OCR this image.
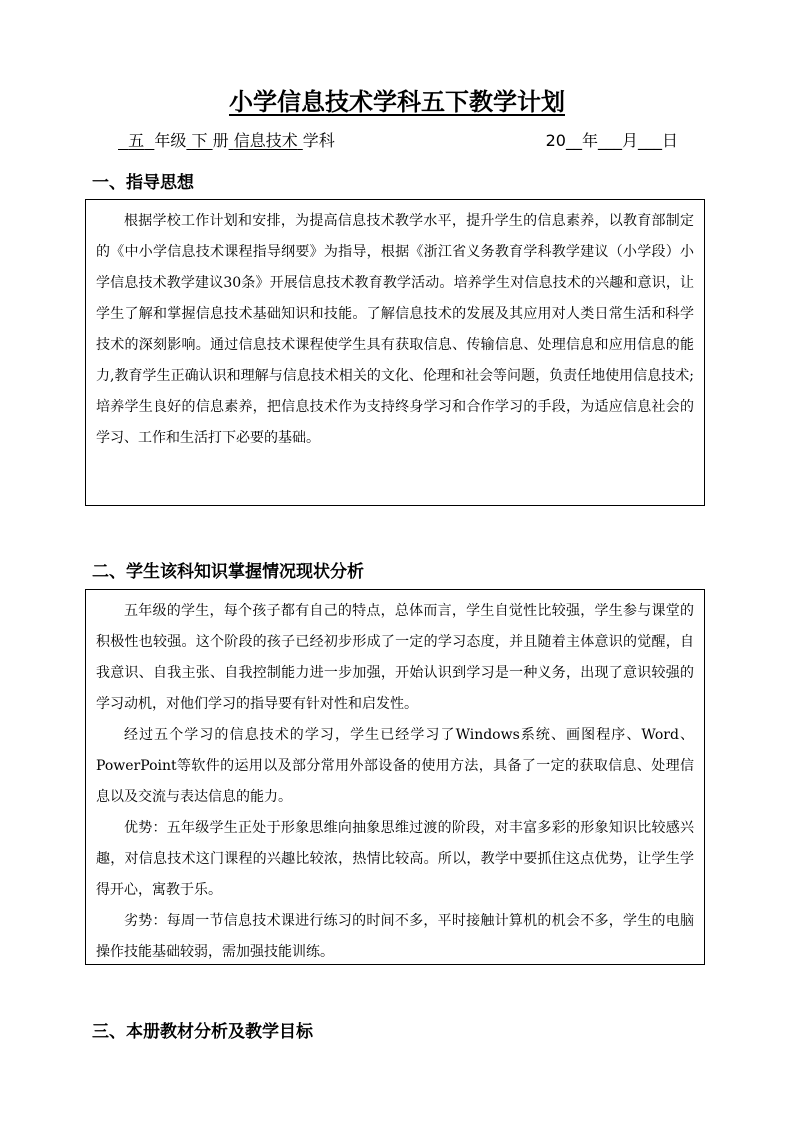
小学信息技术学科五下教学计划
五 年级 下 册 信息技术 学科	20__年___月___日
一、指导思想

根据学校工作计划和安排，为提高信息技术教学水平，提升学生的信息素养，以教育部制定的《中小学信息技术课程指导纲要》为指导，根据《浙江省义务教育学科教学建议（小学段）小学信息技术教学建议30条》开展信息技术教育教学活动。培养学生对信息技术的兴趣和意识，让学生了解和掌握信息技术基础知识和技能。了解信息技术的发展及其应用对人类日常生活和科学技术的深刻影响。通过信息技术课程使学生具有获取信息、传输信息、处理信息和应用信息的能力,教育学生正确认识和理解与信息技术相关的文化、伦理和社会等问题，负责任地使用信息技术;培养学生良好的信息素养，把信息技术作为支持终身学习和合作学习的手段，为适应信息社会的学习、工作和生活打下必要的基础。

二、学生该科知识掌握情况现状分析

五年级的学生，每个孩子都有自己的特点，总体而言，学生自觉性比较强，学生参与课堂的积极性也较强。这个阶段的孩子已经初步形成了一定的学习态度，并且随着主体意识的觉醒，自我意识、自我主张、自我控制能力进一步加强，开始认识到学习是一种义务，出现了意识较强的学习动机，对他们学习的指导要有针对性和启发性。

经过五个学习的信息技术的学习，学生已经学习了Windows系统、画图程序、Word、PowerPoint等软件的运用以及部分常用外部设备的使用方法，具备了一定的获取信息、处理信息以及交流与表达信息的能力。

优势：五年级学生正处于形象思维向抽象思维过渡的阶段，对丰富多彩的形象知识比较感兴趣，对信息技术这门课程的兴趣比较浓，热情比较高。所以，教学中要抓住这点优势，让学生学得开心，寓教于乐。

劣势：每周一节信息技术课进行练习的时间不多，平时接触计算机的机会不多，学生的电脑操作技能基础较弱，需加强技能训练。

三、本册教材分析及教学目标
